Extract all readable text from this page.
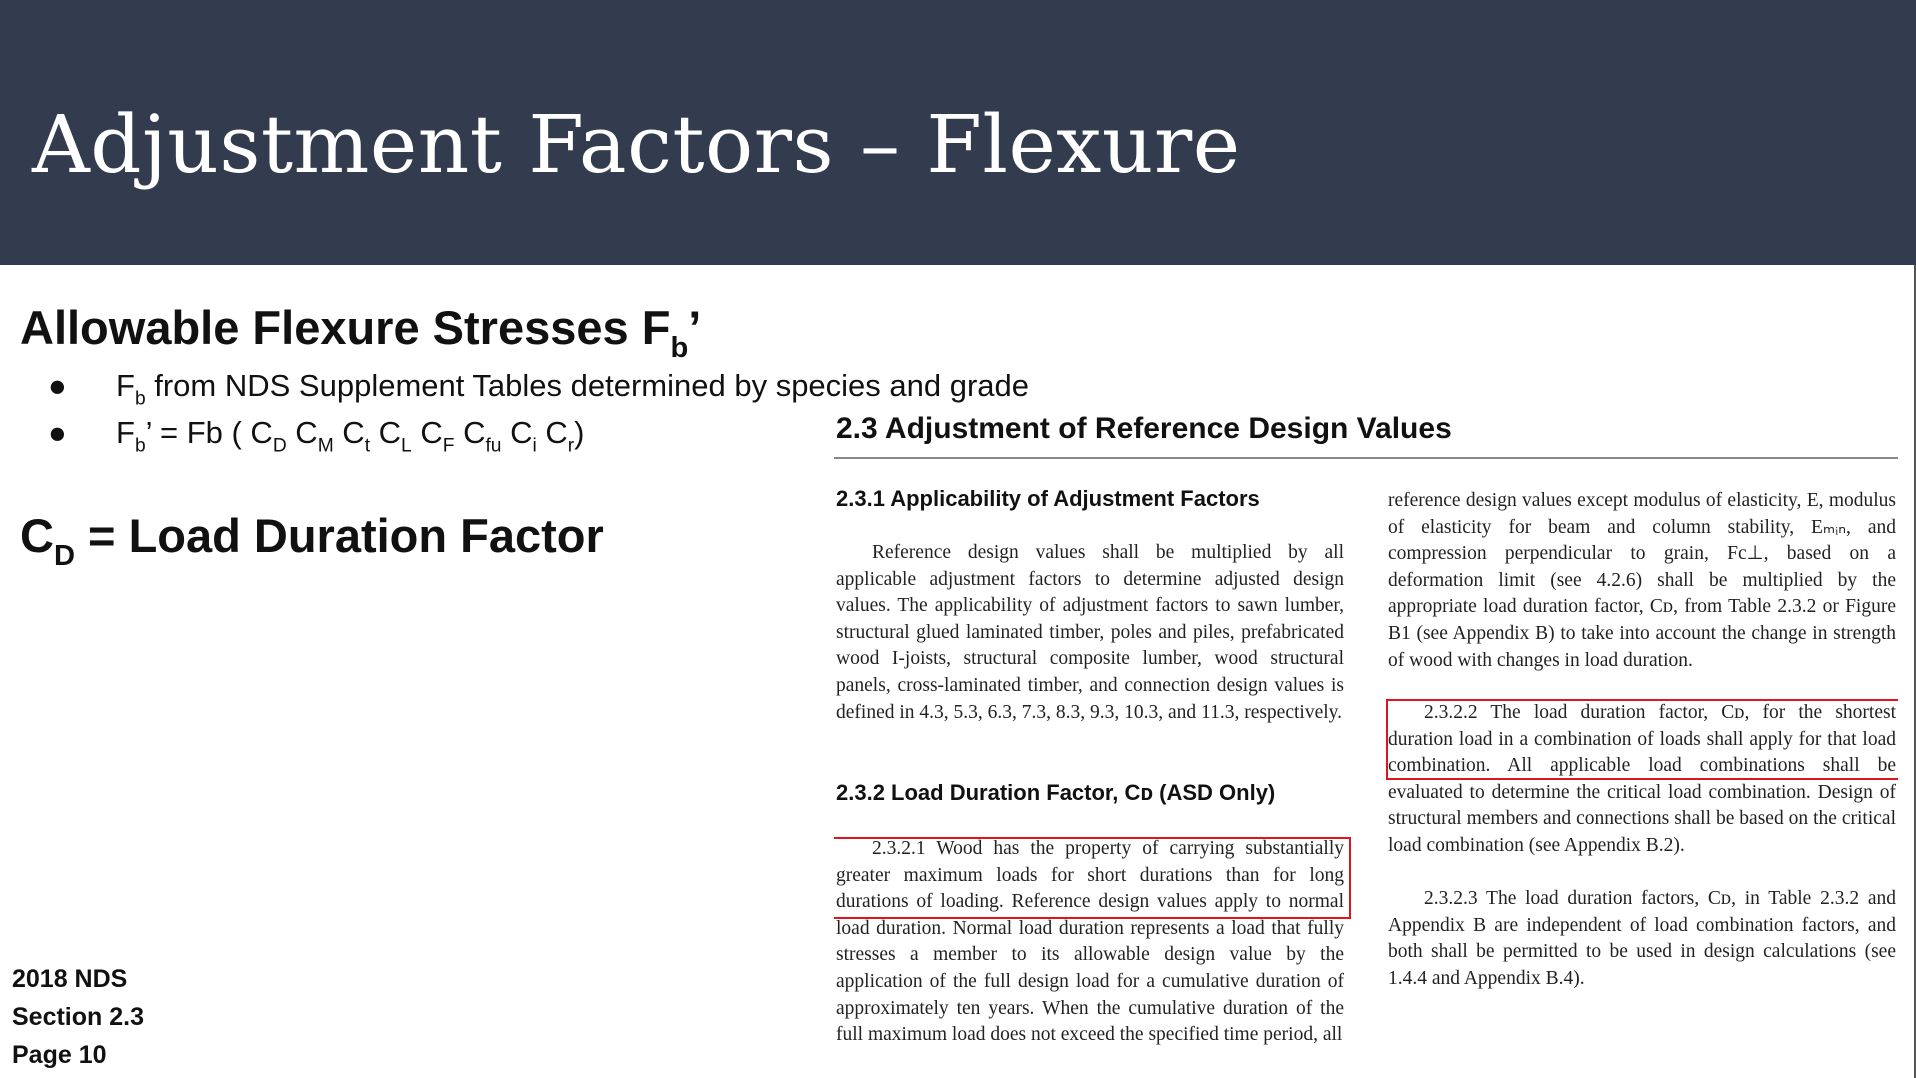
Adjustment Factors – Flexure
Allowable Flexure Stresses $F_b$’
● $F_b$ from NDS Supplement Tables determined by species and grade
● $F_b$’ = Fb ( $C_D$ $C_M$ $C_t$ $C_L$ $C_F$ $C_{fu}$ $C_i$ $C_r$)
$C_D$ = Load Duration Factor
2018 NDS
Section 2.3
Page 10
2.3 Adjustment of Reference Design Values
2.3.1 Applicability of Adjustment Factors

Reference design values shall be multiplied by all applicable adjustment factors to determine adjusted design values. The applicability of adjustment factors to sawn lumber, structural glued laminated timber, poles and piles, prefabricated wood I-joists, structural composite lumber, wood structural panels, cross-laminated timber, and connection design values is defined in 4.3, 5.3, 6.3, 7.3, 8.3, 9.3, 10.3, and 11.3, respectively.

2.3.2 Load Duration Factor, Cᴅ (ASD Only)

2.3.2.1 Wood has the property of carrying substantially greater maximum loads for short durations than for long durations of loading. Reference design values apply to normal load duration. Normal load duration represents a load that fully stresses a member to its allowable design value by the application of the full design load for a cumulative duration of approximately ten years. When the cumulative duration of the full maximum load does not exceed the specified time period, all

reference design values except modulus of elasticity, E, modulus of elasticity for beam and column stability, Eₘᵢₙ, and compression perpendicular to grain, Fc⊥, based on a deformation limit (see 4.2.6) shall be multiplied by the appropriate load duration factor, Cᴅ, from Table 2.3.2 or Figure B1 (see Appendix B) to take into account the change in strength of wood with changes in load duration.

2.3.2.2 The load duration factor, Cᴅ, for the shortest duration load in a combination of loads shall apply for that load combination. All applicable load combinations shall be evaluated to determine the critical load combination. Design of structural members and connections shall be based on the critical load combination (see Appendix B.2).

2.3.2.3 The load duration factors, Cᴅ, in Table 2.3.2 and Appendix B are independent of load combination factors, and both shall be permitted to be used in design calculations (see 1.4.4 and Appendix B.4).
